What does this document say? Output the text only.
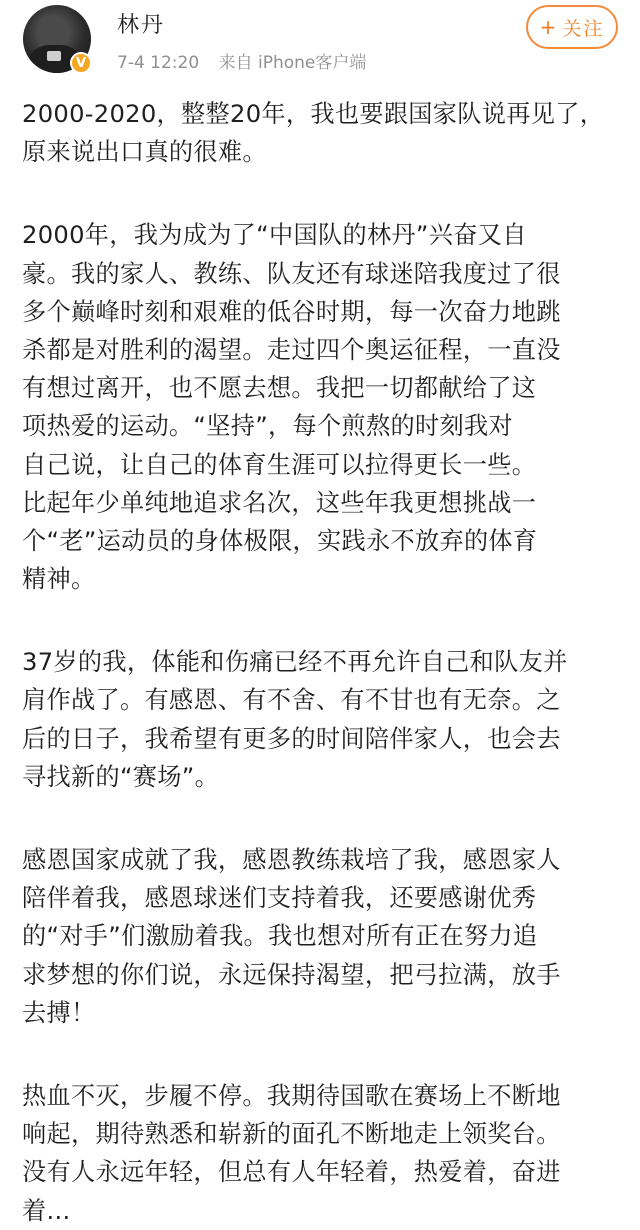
V
林丹
7-4 12:20 来自 iPhone客户端
+ 关注
2000-2020，整整20年，我也要跟国家队说再见了，
原来说出口真的很难。
2000年，我为成为了“中国队的林丹”兴奋又自
豪。我的家人、教练、队友还有球迷陪我度过了很
多个巅峰时刻和艰难的低谷时期，每一次奋力地跳
杀都是对胜利的渴望。走过四个奥运征程，一直没
有想过离开，也不愿去想。我把一切都献给了这
项热爱的运动。“坚持”，每个煎熬的时刻我对
自己说，让自己的体育生涯可以拉得更长一些。
比起年少单纯地追求名次，这些年我更想挑战一
个“老”运动员的身体极限，实践永不放弃的体育
精神。
37岁的我，体能和伤痛已经不再允许自己和队友并
肩作战了。有感恩、有不舍、有不甘也有无奈。之
后的日子，我希望有更多的时间陪伴家人，也会去
寻找新的“赛场”。
感恩国家成就了我，感恩教练栽培了我，感恩家人
陪伴着我，感恩球迷们支持着我，还要感谢优秀
的“对手”们激励着我。我也想对所有正在努力追
求梦想的你们说，永远保持渴望，把弓拉满，放手
去搏！
热血不灭，步履不停。我期待国歌在赛场上不断地
响起，期待熟悉和崭新的面孔不断地走上领奖台。
没有人永远年轻，但总有人年轻着，热爱着，奋进
着...
